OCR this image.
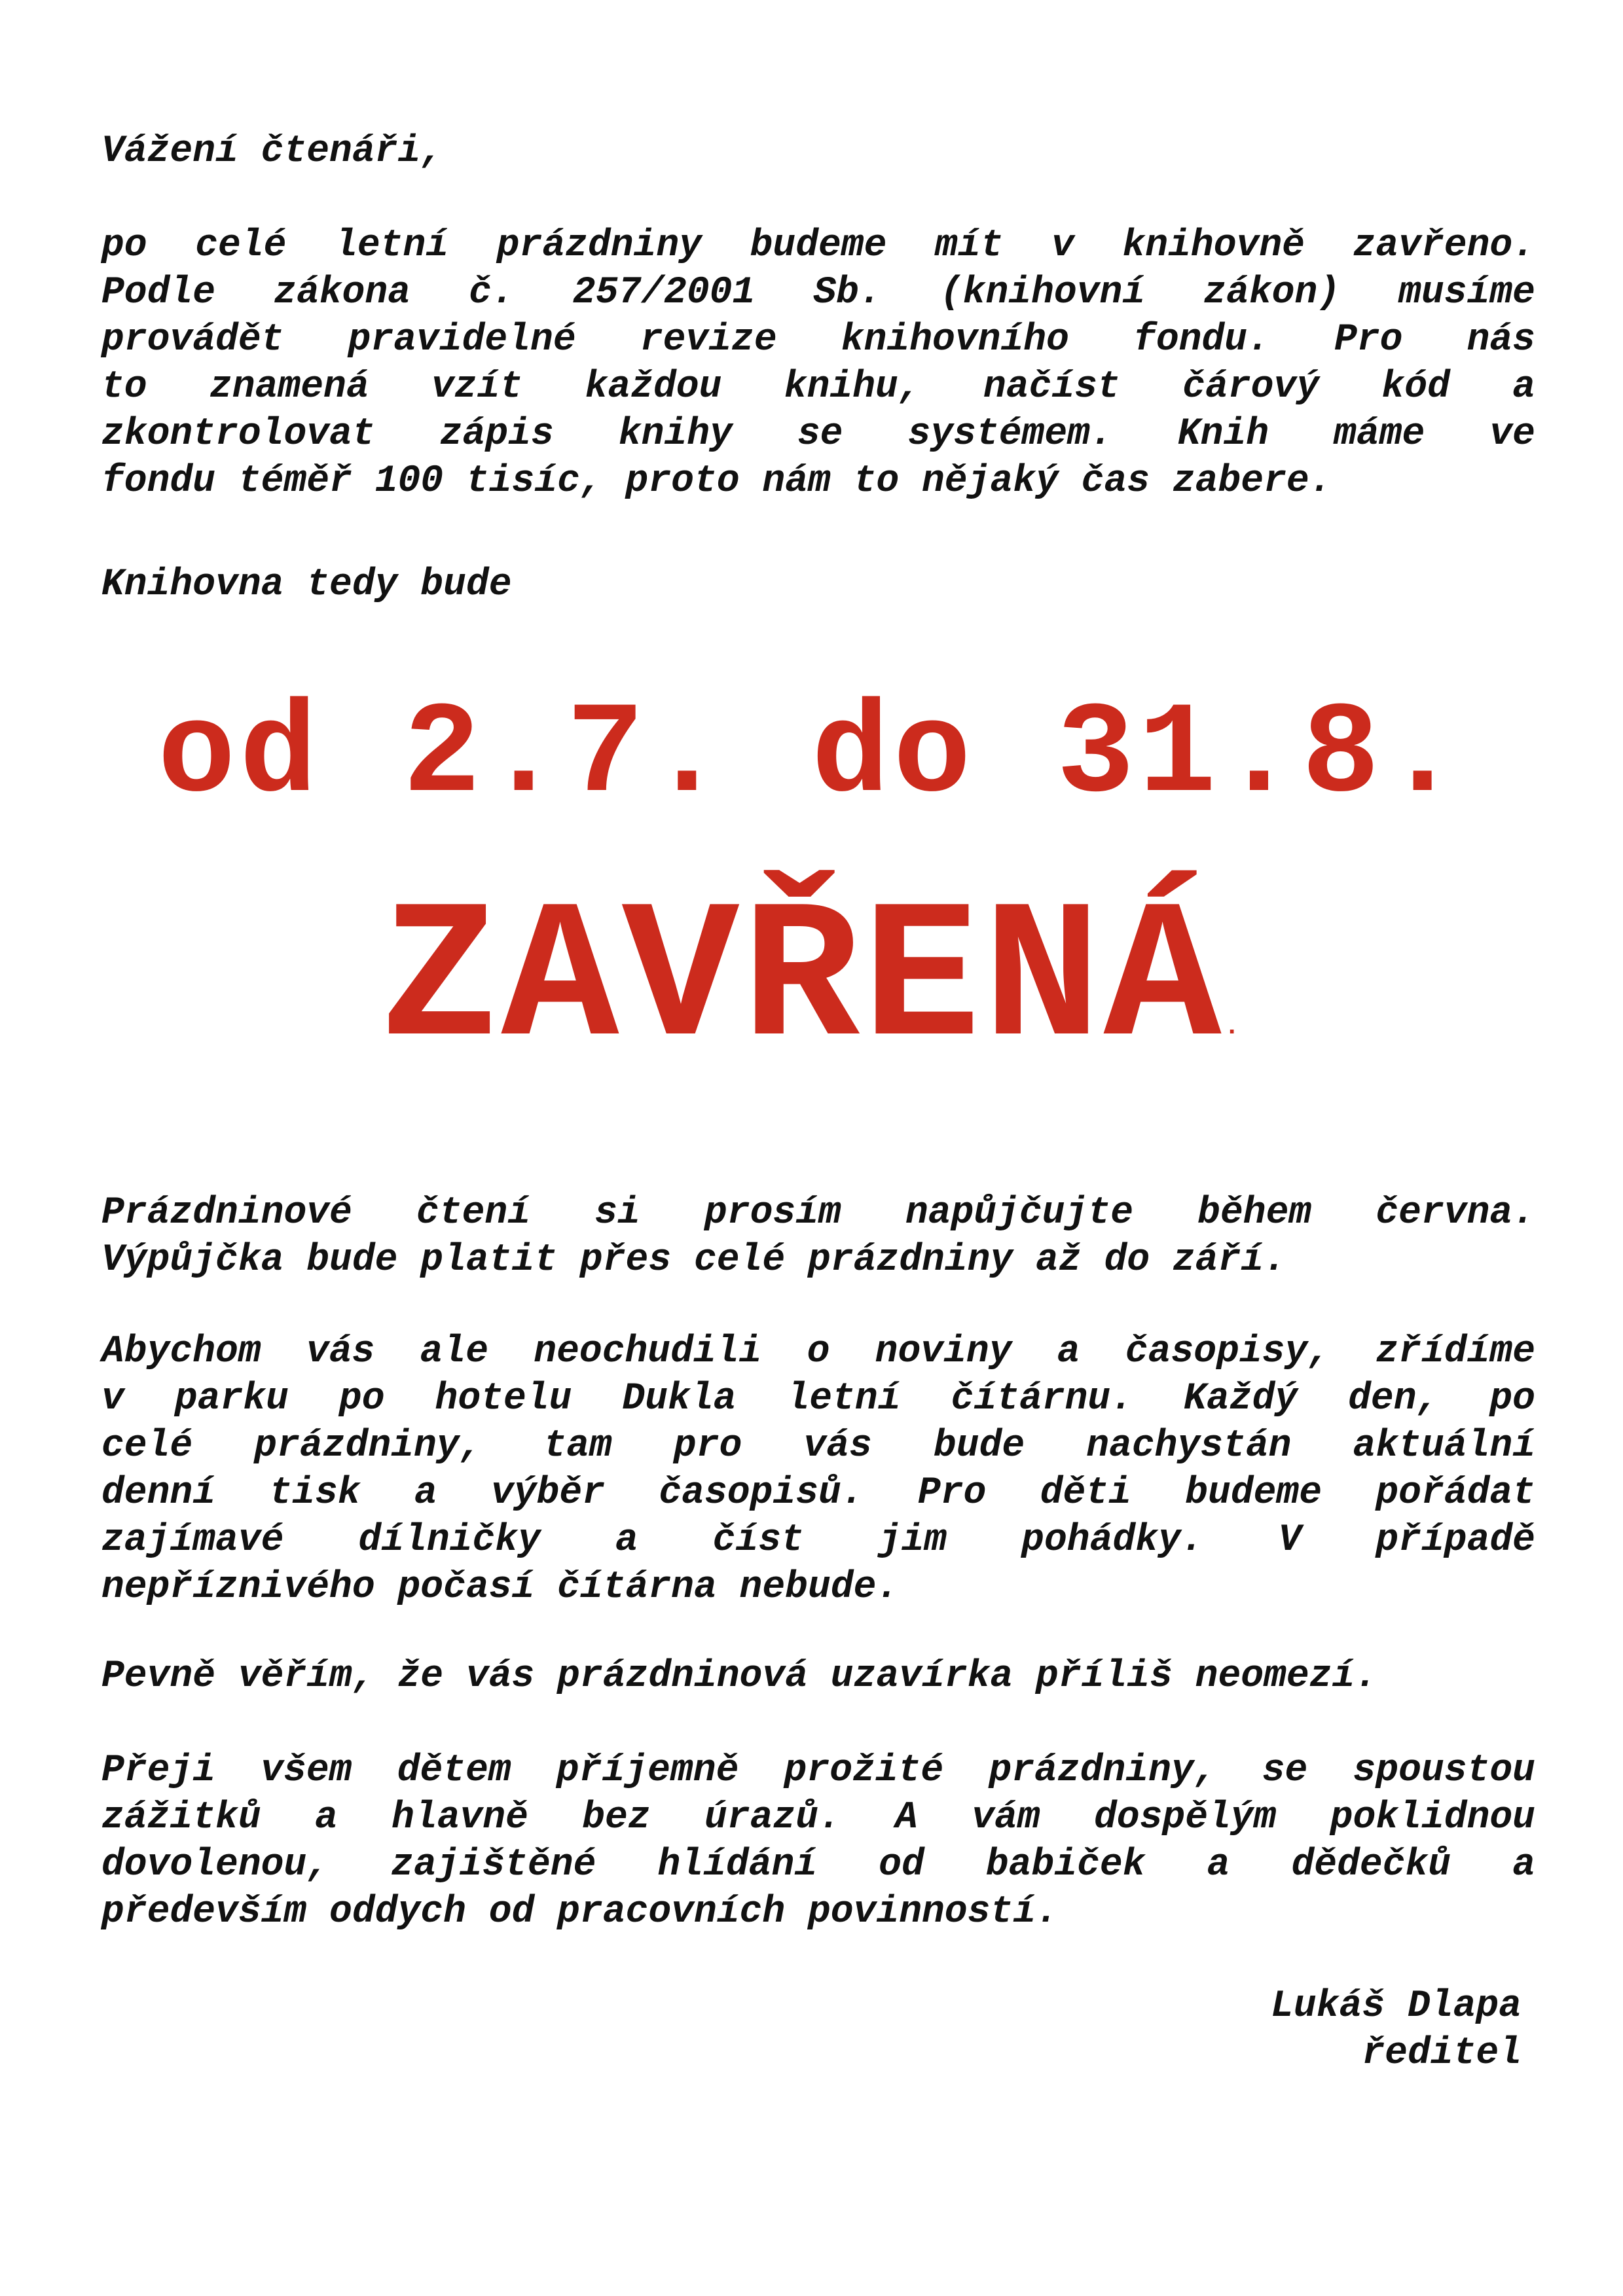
Vážení čtenáři,

po celé letní prázdniny budeme mít v knihovně zavřeno.
Podle zákona č. 257/2001 Sb. (knihovní zákon) musíme
provádět pravidelné revize knihovního fondu. Pro nás
to znamená vzít každou knihu, načíst čárový kód a
zkontrolovat zápis knihy se systémem. Knih máme ve
fondu téměř 100 tisíc, proto nám to nějaký čas zabere.

Knihovna tedy bude

od 2.7. do 31.8.

ZAVŘENÁ.

Prázdninové čtení si prosím napůjčujte během června.
Výpůjčka bude platit přes celé prázdniny až do září.
Abychom vás ale neochudili o noviny a časopisy, zřídíme
v parku po hotelu Dukla letní čítárnu. Každý den, po
celé prázdniny, tam pro vás bude nachystán aktuální
denní tisk a výběr časopisů. Pro děti budeme pořádat
zajímavé dílničky a číst jim pohádky. V případě
nepříznivého počasí čítárna nebude.

Pevně věřím, že vás prázdninová uzavírka příliš neomezí.

Přeji všem dětem příjemně prožité prázdniny, se spoustou
zážitků a hlavně bez úrazů. A vám dospělým poklidnou
dovolenou, zajištěné hlídání od babiček a dědečků a
především oddych od pracovních povinností.
Lukáš Dlapa
ředitel
